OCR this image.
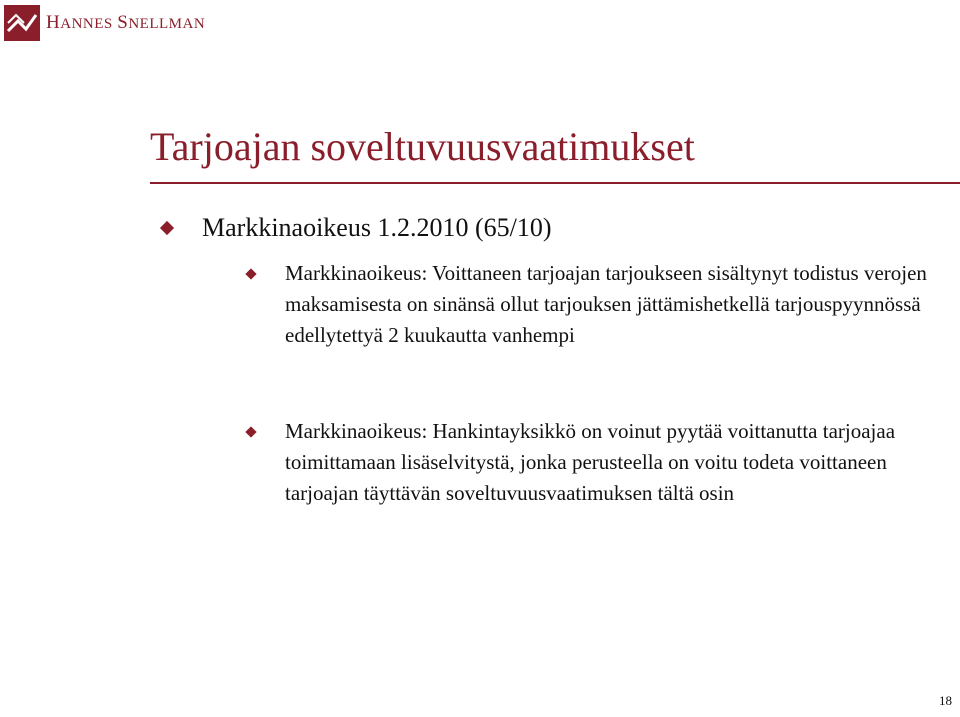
HANNES SNELLMAN
Tarjoajan soveltuvuusvaatimukset
Markkinaoikeus 1.2.2010 (65/10)
Markkinaoikeus: Voittaneen tarjoajan tarjoukseen sisältynyt todistus verojen maksamisesta on sinänsä ollut tarjouksen jättämishetkellä tarjouspyynnössä edellytettyä 2 kuukautta vanhempi
Markkinaoikeus: Hankintayksikkö on voinut pyytää voittanutta tarjoajaa toimittamaan lisäselvitystä, jonka perusteella on voitu todeta voittaneen tarjoajan täyttävän soveltuvuusvaatimuksen tältä osin
18
